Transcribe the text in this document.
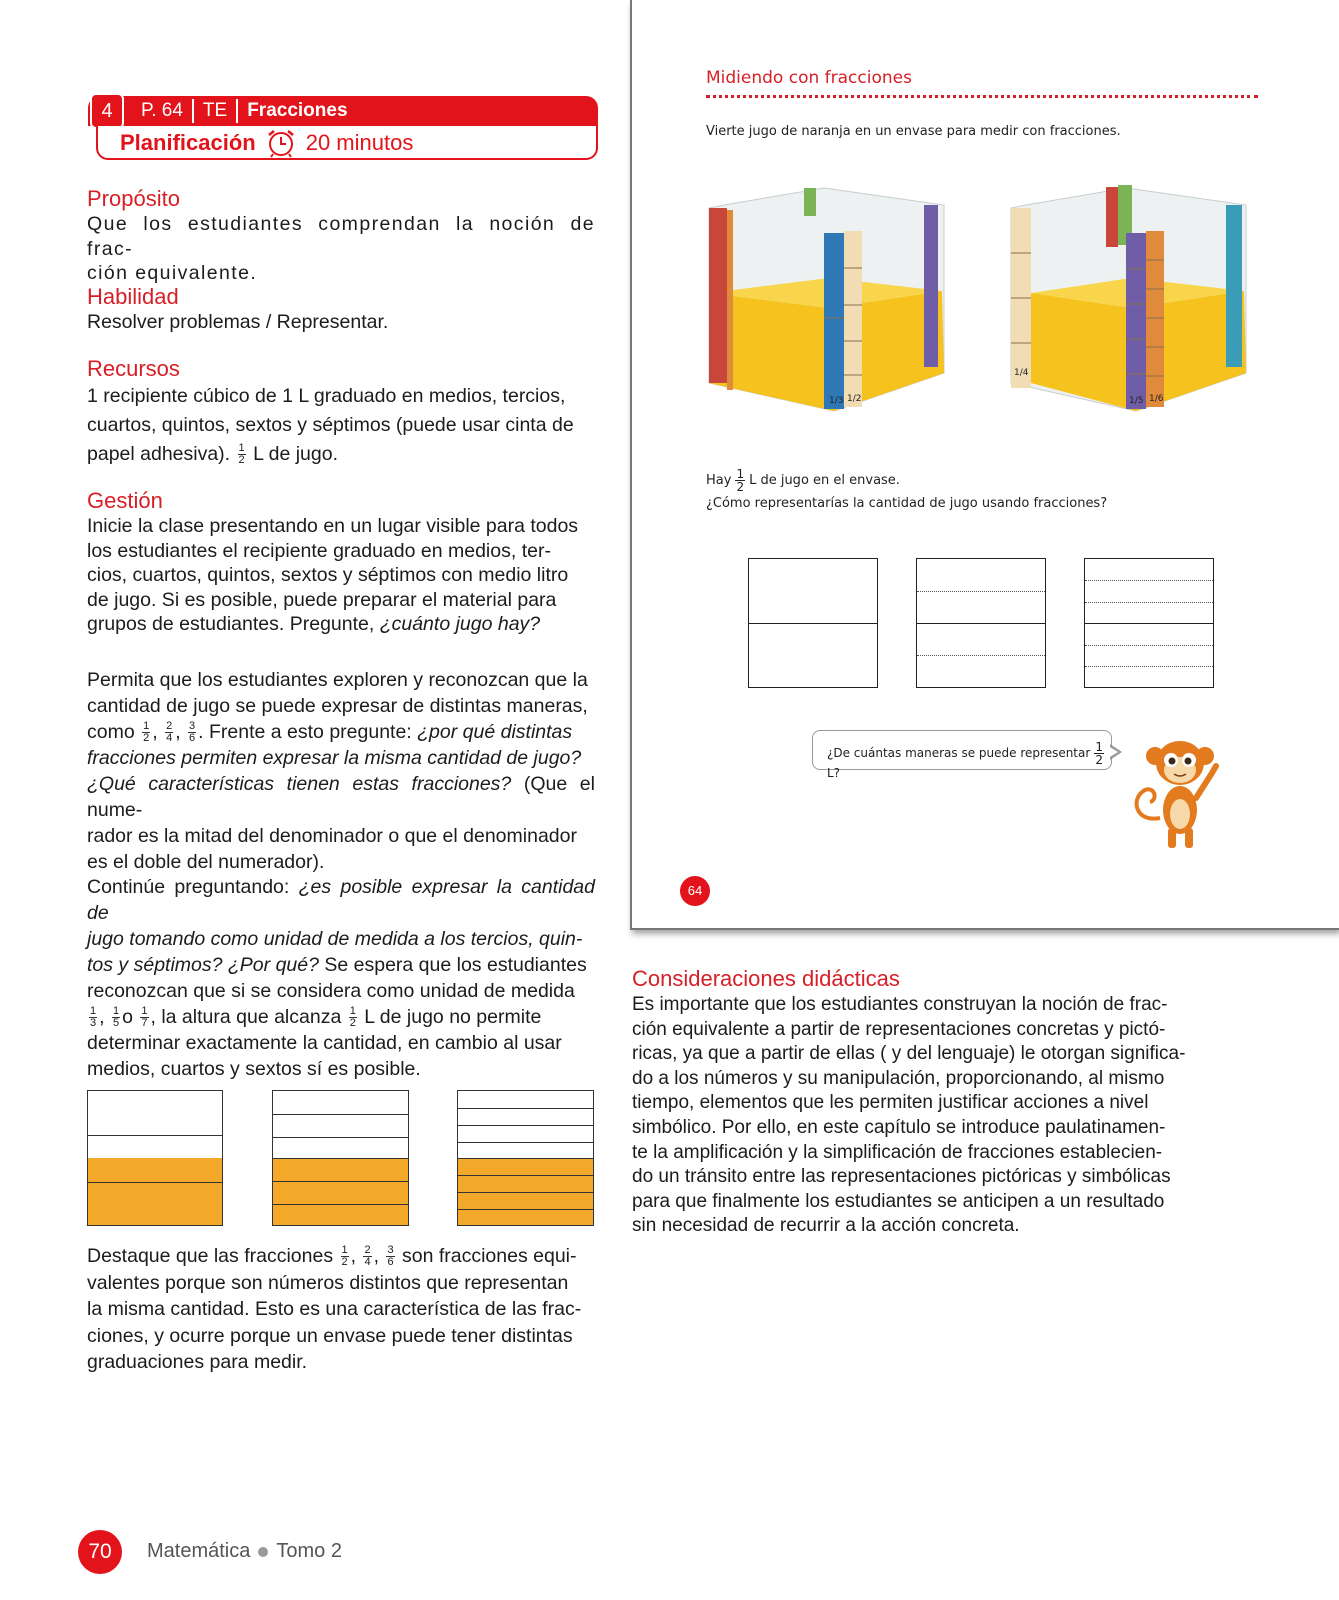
4	P. 64	TE	Fracciones
Planificación 20 minutos
Propósito
Que los estudiantes comprendan la noción de frac-
ción equivalente.
Habilidad
Resolver problemas / Representar.
Recursos
1 recipiente cúbico de 1 L graduado en medios, tercios,
cuartos, quintos, sextos y séptimos (puede usar cinta de
papel adhesiva). $\frac{1}{2}$ L de jugo.
Gestión
Inicie la clase presentando en un lugar visible para todos
los estudiantes el recipiente graduado en medios, ter-
cios, cuartos, quintos, sextos y séptimos con medio litro
de jugo. Si es posible, puede preparar el material para
grupos de estudiantes. Pregunte, ¿cuánto jugo hay?
Permita que los estudiantes exploren y reconozcan que la
cantidad de jugo se puede expresar de distintas maneras,
como $\frac{1}{2}$ , $\frac{2}{4}$ , $\frac{3}{6}$ . Frente a esto pregunte: ¿por qué distintas
fracciones permiten expresar la misma cantidad de jugo?
¿Qué características tienen estas fracciones? (Que el nume-
rador es la mitad del denominador o que el denominador
es el doble del numerador).
Continúe preguntando: ¿es posible expresar la cantidad de
jugo tomando como unidad de medida a los tercios, quin-
tos y séptimos? ¿Por qué? Se espera que los estudiantes
reconozcan que si se considera como unidad de medida
$\frac{1}{3}$ , $\frac{1}{5}$ o $\frac{1}{7}$ , la altura que alcanza $\frac{1}{2}$ L de jugo no permite
determinar exactamente la cantidad, en cambio al usar
medios, cuartos y sextos sí es posible.
Destaque que las fracciones $\frac{1}{2}$ , $\frac{2}{4}$ , $\frac{3}{6}$ son fracciones equi-
valentes porque son números distintos que representan
la misma cantidad. Esto es una característica de las frac-
ciones, y ocurre porque un envase puede tener distintas
graduaciones para medir.
Midiendo con fracciones
Vierte jugo de naranja en un envase para medir con fracciones.
1/3 1/2
1/4
1/5 1/6
Hay $\frac{1}{2}$ L de jugo en el envase.
¿Cómo representarías la cantidad de jugo usando fracciones?
¿De cuántas maneras se puede representar $\frac{1}{2}L$?
64
Consideraciones didácticas
Es importante que los estudiantes construyan la noción de frac-
ción equivalente a partir de representaciones concretas y pictó-
ricas, ya que a partir de ellas ( y del lenguaje) le otorgan significa-
do a los números y su manipulación, proporcionando, al mismo
tiempo, elementos que les permiten justificar acciones a nivel
simbólico. Por ello, en este capítulo se introduce paulatinamen-
te la amplificación y la simplificación de fracciones establecien-
do un tránsito entre las representaciones pictóricas y simbólicas
para que finalmente los estudiantes se anticipen a un resultado
sin necesidad de recurrir a la acción concreta.
70	Matemática Tomo 2
